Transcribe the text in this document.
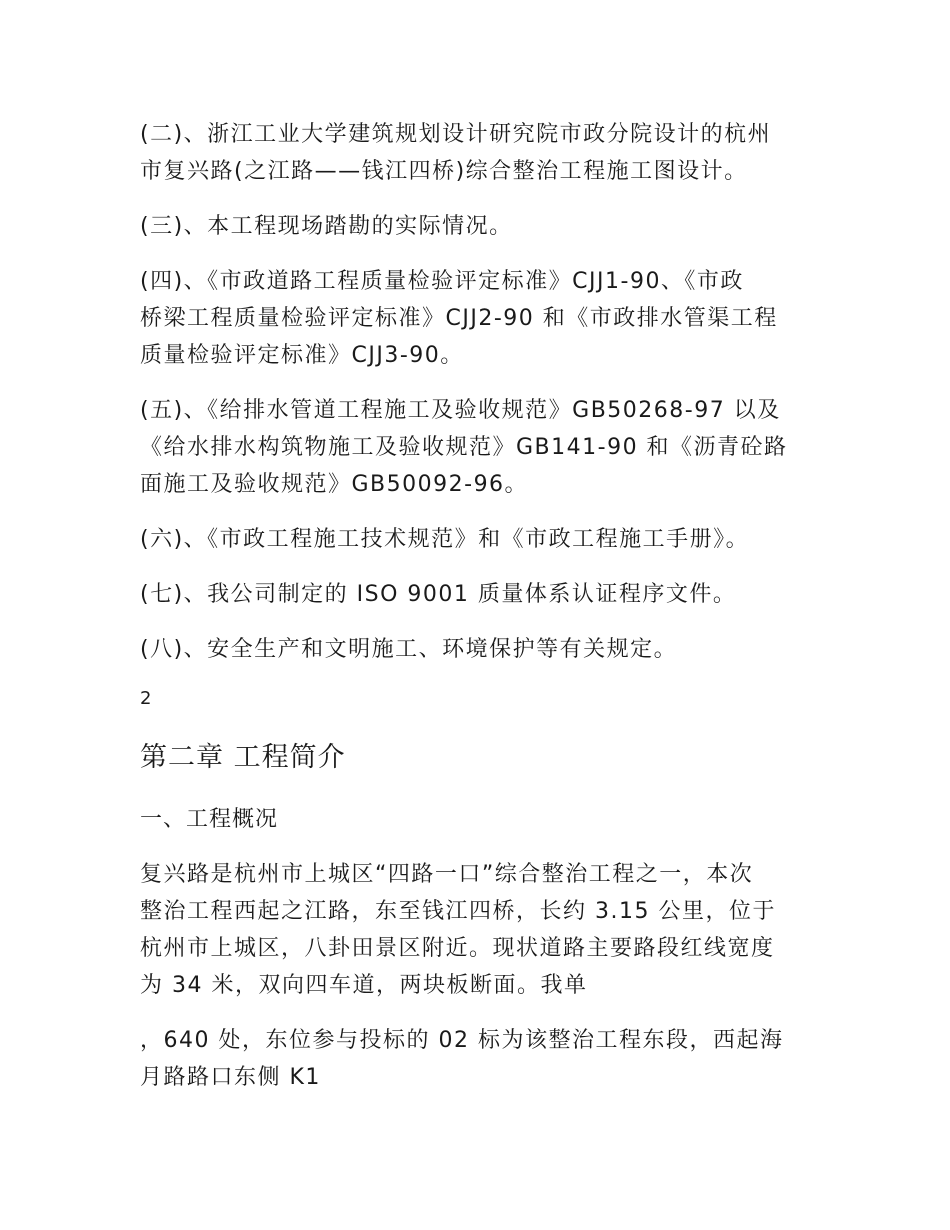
(二)、浙江工业大学建筑规划设计研究院市政分院设计的杭州
市复兴路(之江路——钱江四桥)综合整治工程施工图设计。
(三)、本工程现场踏勘的实际情况。
(四)、《市政道路工程质量检验评定标准》CJJ1-90、《市政
桥梁工程质量检验评定标准》CJJ2-90 和《市政排水管渠工程
质量检验评定标准》CJJ3-90。
(五)、《给排水管道工程施工及验收规范》GB50268-97 以及
《给水排水构筑物施工及验收规范》GB141-90 和《沥青砼路
面施工及验收规范》GB50092-96。
(六)、《市政工程施工技术规范》和《市政工程施工手册》。
(七)、我公司制定的 ISO 9001 质量体系认证程序文件。
(八)、安全生产和文明施工、环境保护等有关规定。
2
第二章 工程简介
一、工程概况
复兴路是杭州市上城区“四路一口”综合整治工程之一，本次
整治工程西起之江路，东至钱江四桥，长约 3.15 公里，位于
杭州市上城区，八卦田景区附近。现状道路主要路段红线宽度
为 34 米，双向四车道，两块板断面。我单
，640 处，东位参与投标的 02 标为该整治工程东段，西起海
月路路口东侧 K1
